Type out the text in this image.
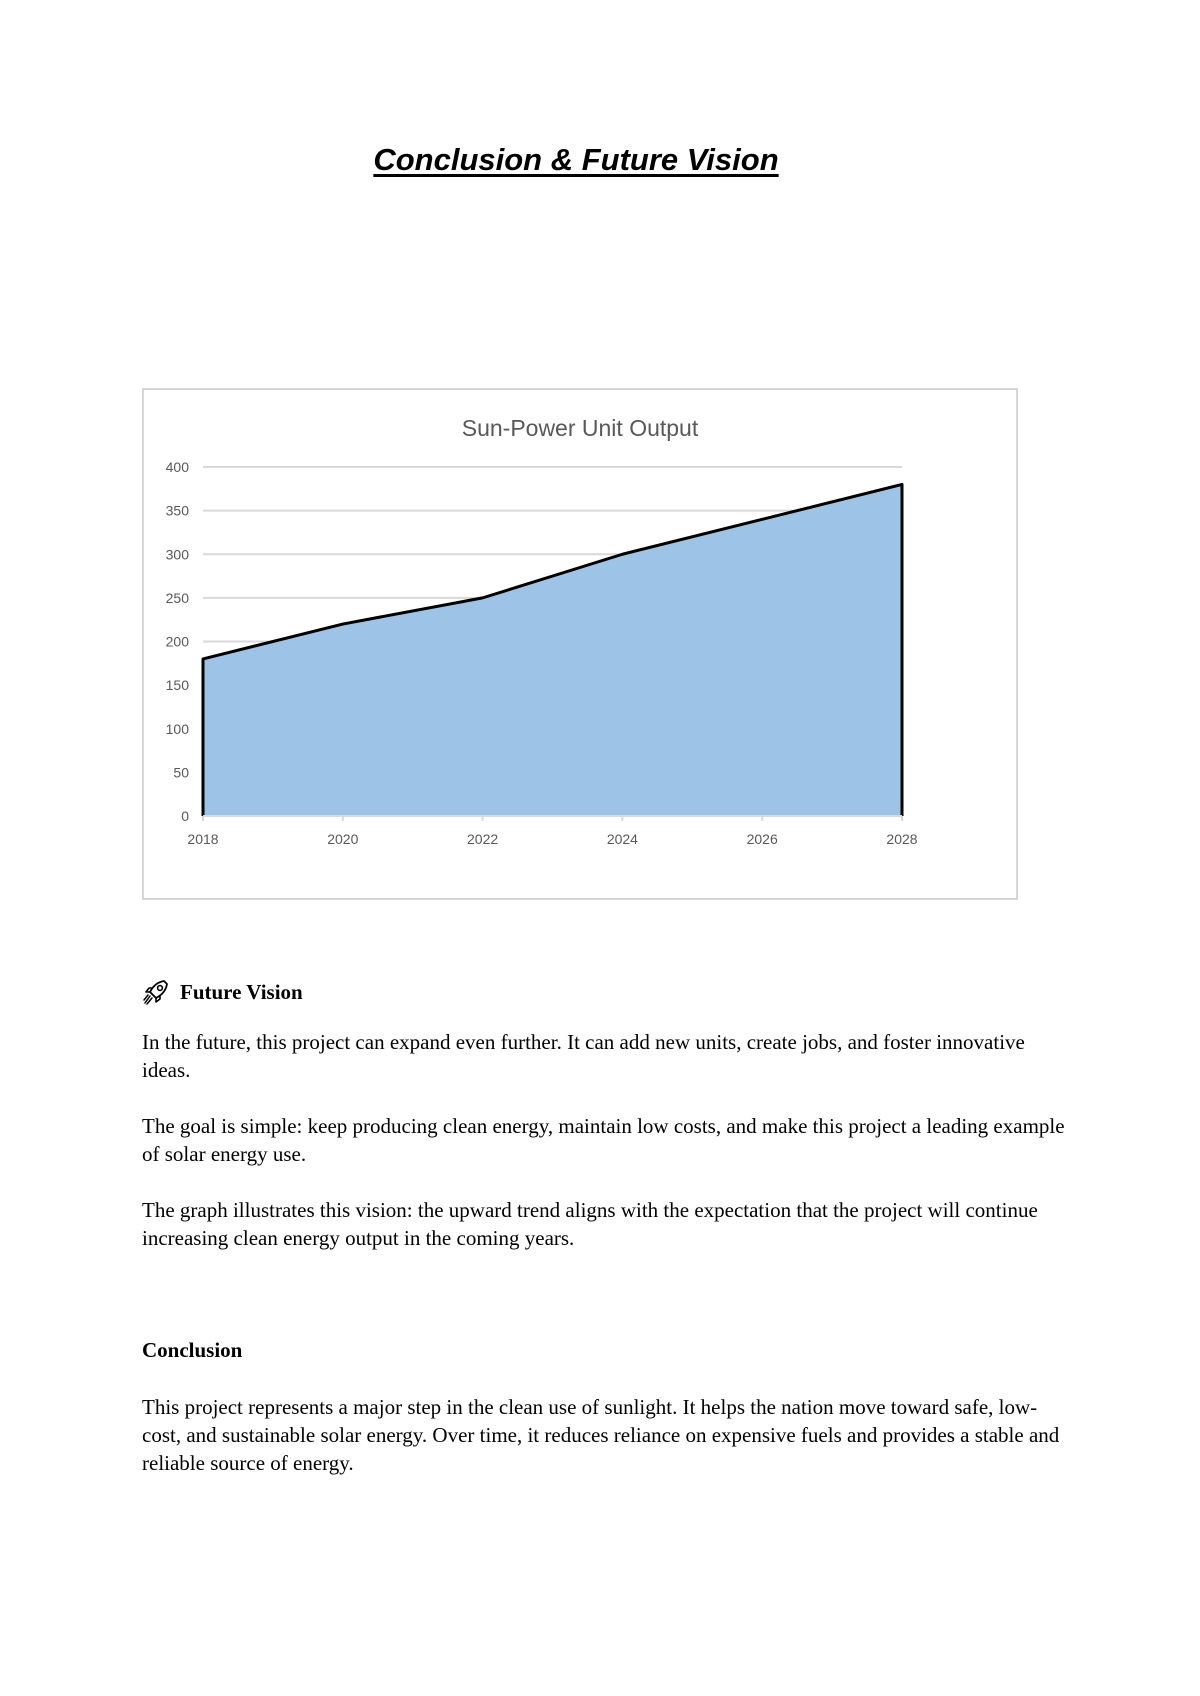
Conclusion & Future Vision
Sun-Power Unit Output
0
50
100
150
200
250
300
350
400
2018	2020	2022	2024	2026	2028
Future Vision

In the future, this project can expand even further. It can add new units, create jobs, and foster innovative ideas.

The goal is simple: keep producing clean energy, maintain low costs, and make this project a leading example of solar energy use.

The graph illustrates this vision: the upward trend aligns with the expectation that the project will continue increasing clean energy output in the coming years.

Conclusion

This project represents a major step in the clean use of sunlight. It helps the nation move toward safe, low-cost, and sustainable solar energy. Over time, it reduces reliance on expensive fuels and provides a stable and reliable source of energy.
